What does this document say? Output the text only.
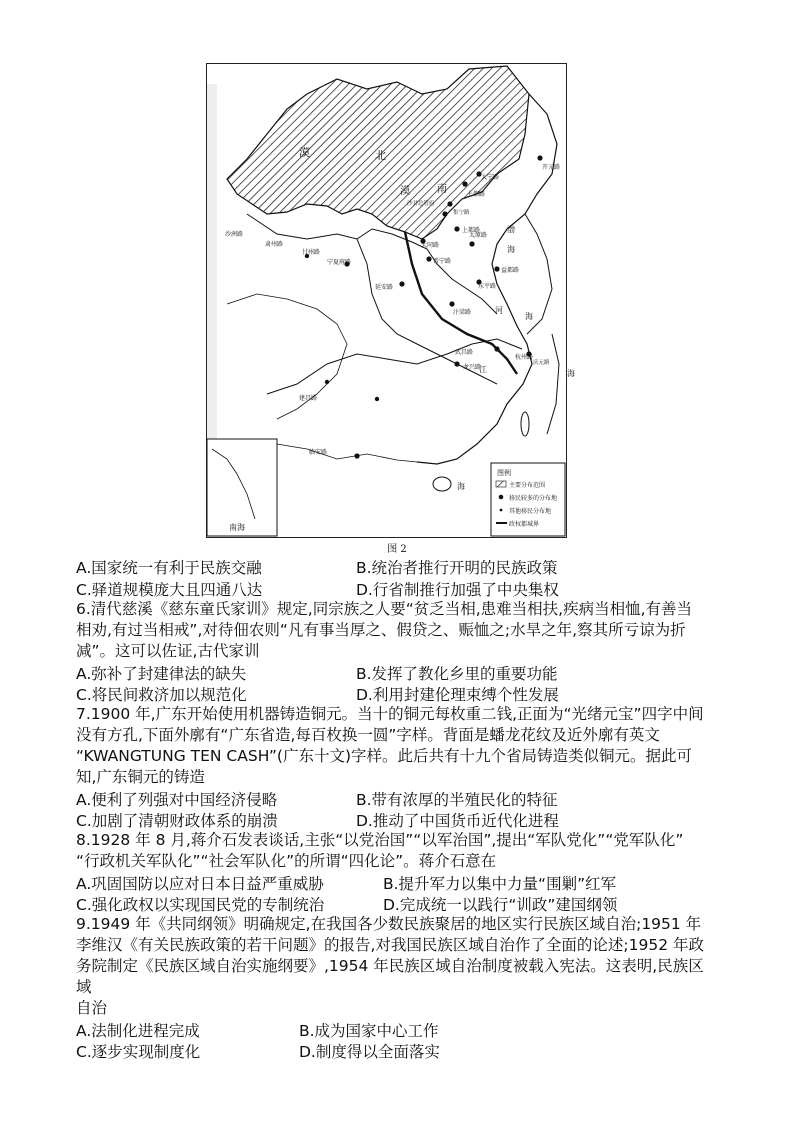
漠	北
漠	南
开元路
大宁路
上都路
沙井总管府
集宁路
上都路	渤
海
沙洲路
肃州路
甘州路
宁夏府路
大同路
延安路
晋宁路
太原路
益都路
东平路
汴梁路
武昌路
杭州路
庆元路
龙兴路
建昌路
临安路
江
河
海
海
海
南海
图例
主要分布范围
移民较多的分布地
其他移民分布地
政权都城界
图 2
A.国家统一有利于民族交融	B.统治者推行开明的民族政策
C.驿道规模庞大且四通八达	D.行省制推行加强了中央集权
6.清代慈溪《慈东童氏家训》规定,同宗族之人要“贫乏当相,患难当相扶,疾病当相恤,有善当
相劝,有过当相戒”,对待佃农则“凡有事当厚之、假贷之、赈恤之;水旱之年,察其所亏谅为折
减”。这可以佐证,古代家训
A.弥补了封建律法的缺失	B.发挥了教化乡里的重要功能
C.将民间救济加以规范化	D.利用封建伦理束缚个性发展
7.1900 年,广东开始使用机器铸造铜元。当十的铜元每枚重二钱,正面为“光绪元宝”四字中间
没有方孔,下面外廓有“广东省造,每百枚换一圆”字样。背面是蟠龙花纹及近外廓有英文
“KWANGTUNG TEN CASH”(广东十文)字样。此后共有十九个省局铸造类似铜元。据此可
知,广东铜元的铸造
A.便利了列强对中国经济侵略	B.带有浓厚的半殖民化的特征
C.加剧了清朝财政体系的崩溃	D.推动了中国货币近代化进程
8.1928 年 8 月,蒋介石发表谈话,主张“以党治国”“以军治国”,提出“军队党化”“党军队化”
“行政机关军队化”“社会军队化”的所谓“四化论”。蒋介石意在
A.巩固国防以应对日本日益严重威胁	B.提升军力以集中力量“围剿”红军
C.强化政权以实现国民党的专制统治	D.完成统一以践行“训政”建国纲领
9.1949 年《共同纲领》明确规定,在我国各少数民族聚居的地区实行民族区域自治;1951 年
李维汉《有关民族政策的若干问题》的报告,对我国民族区域自治作了全面的论述;1952 年政
务院制定《民族区域自治实施纲要》,1954 年民族区域自治制度被载入宪法。这表明,民族区
域
自治
A.法制化进程完成	B.成为国家中心工作
C.逐步实现制度化	D.制度得以全面落实
